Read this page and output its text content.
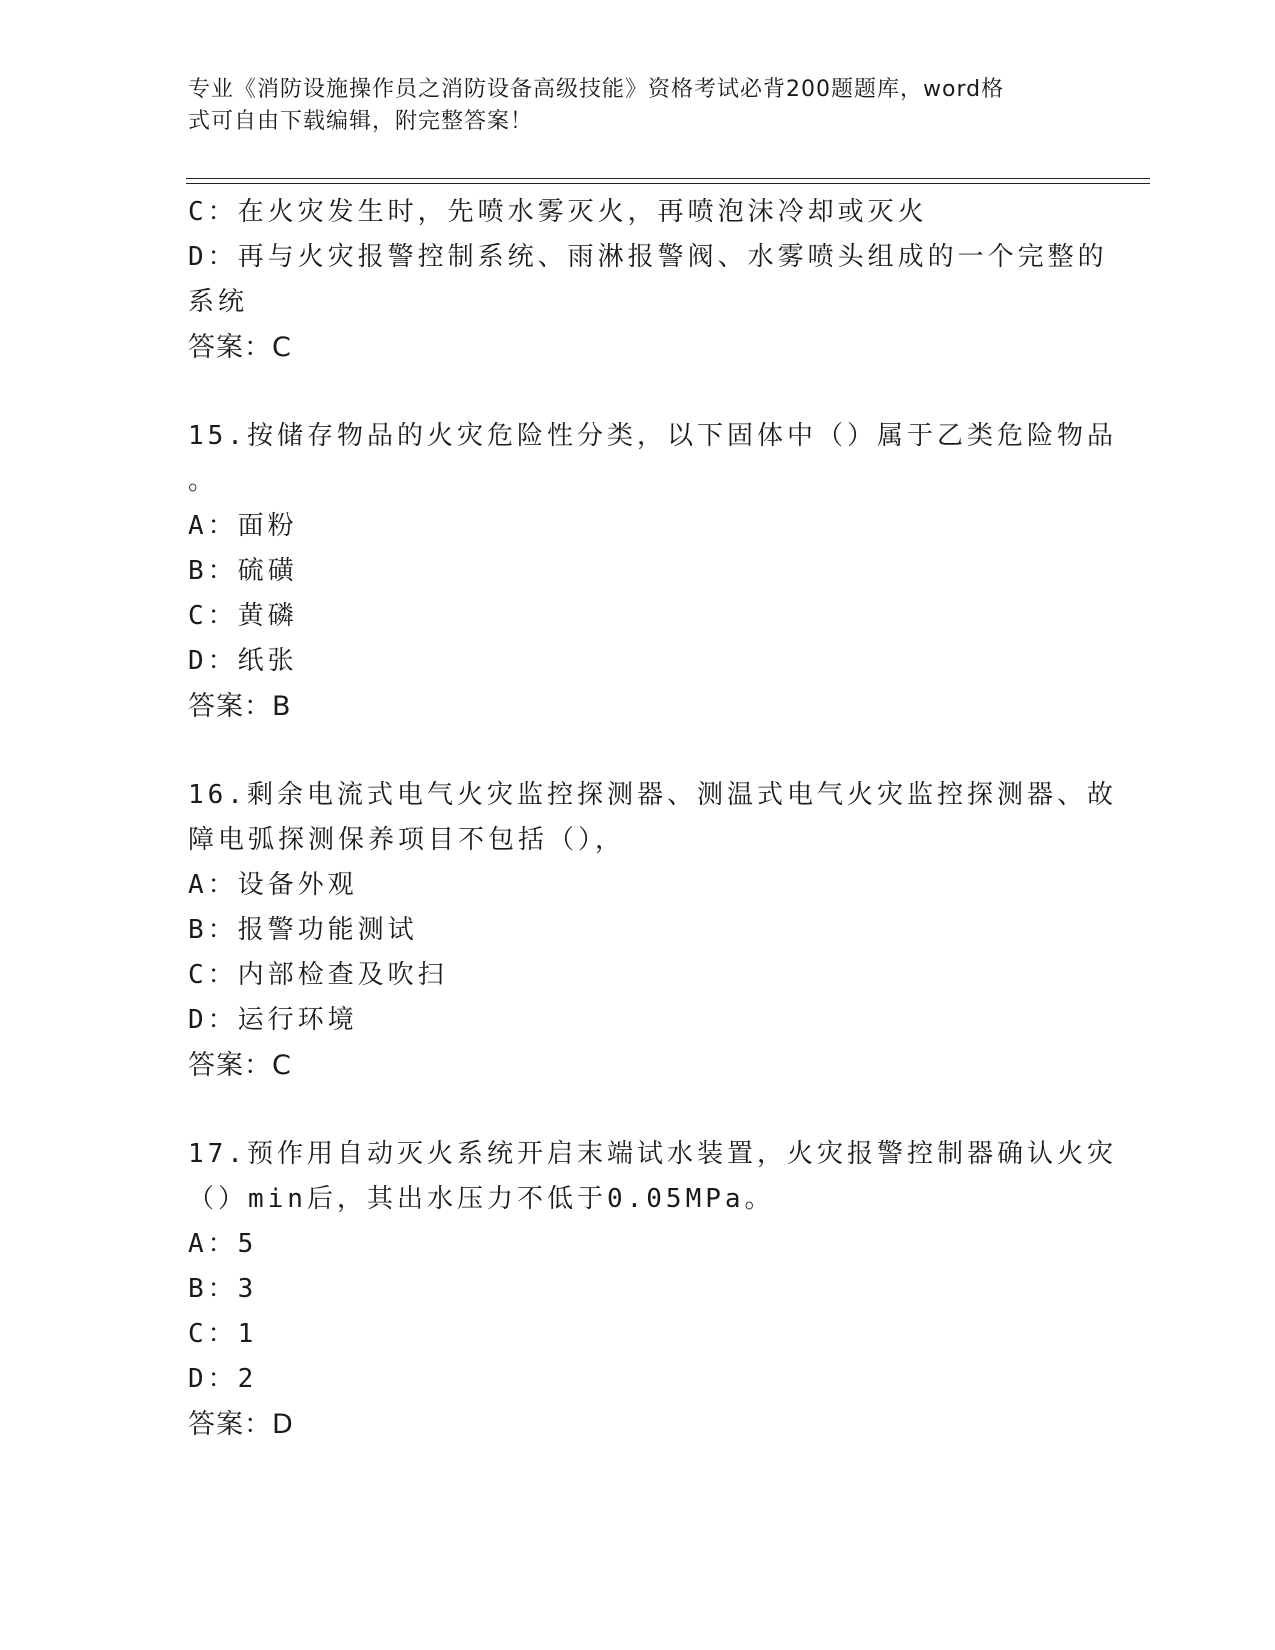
专业《消防设施操作员之消防设备高级技能》资格考试必背200题题库，word格
式可自由下载编辑，附完整答案！
C：在火灾发生时，先喷水雾灭火，再喷泡沫冷却或灭火
D：再与火灾报警控制系统、雨淋报警阀、水雾喷头组成的一个完整的
系统
答案：C
15.按储存物品的火灾危险性分类，以下固体中（）属于乙类危险物品
。
A：面粉
B：硫磺
C：黄磷
D：纸张
答案：B
16.剩余电流式电气火灾监控探测器、测温式电气火灾监控探测器、故
障电弧探测保养项目不包括（），
A：设备外观
B：报警功能测试
C：内部检查及吹扫
D：运行环境
答案：C
17.预作用自动灭火系统开启末端试水装置，火灾报警控制器确认火灾
（）min后，其出水压力不低于0.05MPa。
A：5
B：3
C：1
D：2
答案：D
